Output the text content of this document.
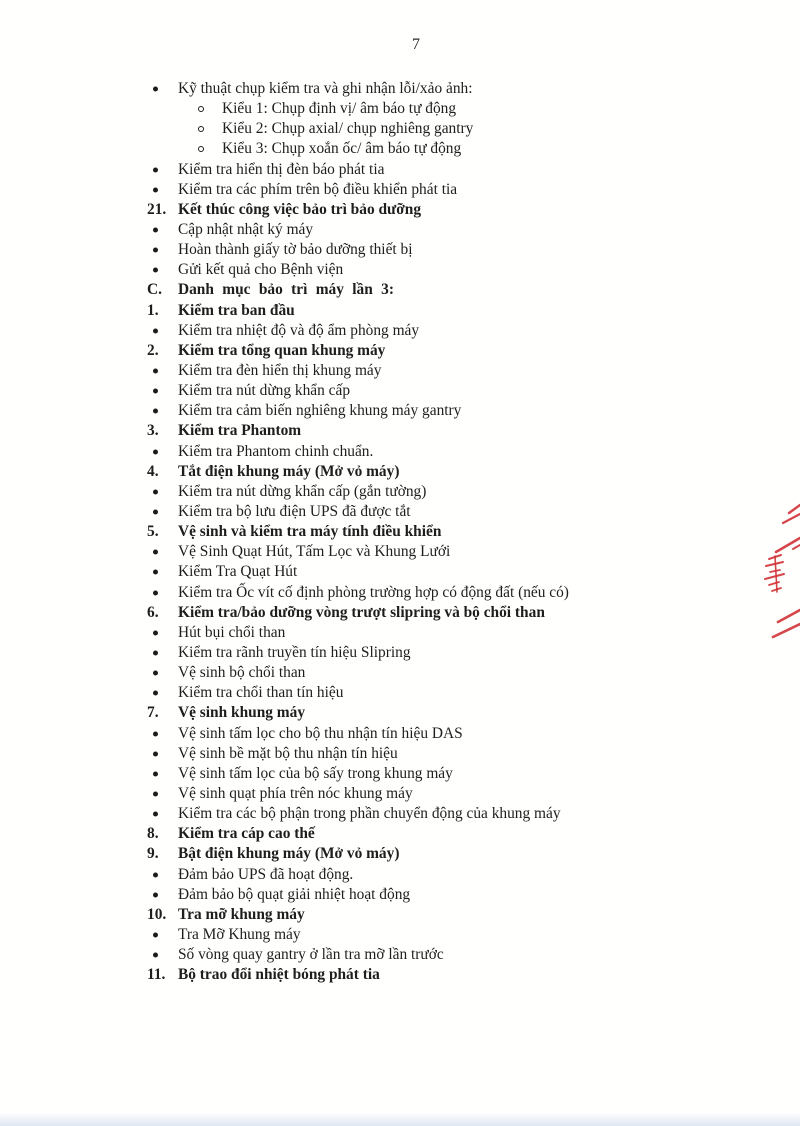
7
Kỹ thuật chụp kiểm tra và ghi nhận lỗi/xảo ảnh:
Kiểu 1: Chụp định vị/ âm báo tự động
Kiểu 2: Chụp axial/ chụp nghiêng gantry
Kiểu 3: Chụp xoắn ốc/ âm báo tự động
Kiểm tra hiển thị đèn báo phát tia
Kiểm tra các phím trên bộ điều khiển phát tia
21. Kết thúc công việc bảo trì bảo dưỡng
Cập nhật nhật ký máy
Hoàn thành giấy tờ bảo dưỡng thiết bị
Gửi kết quả cho Bệnh viện
C.	Danh mục bảo trì máy lần 3:
1.	Kiểm tra ban đầu
Kiểm tra nhiệt độ và độ ẩm phòng máy
2.	Kiểm tra tổng quan khung máy
Kiểm tra đèn hiển thị khung máy
Kiểm tra nút dừng khẩn cấp
Kiểm tra cảm biến nghiêng khung máy gantry
3.	Kiểm tra Phantom
Kiểm tra Phantom chinh chuẩn.
4.	Tắt điện khung máy (Mở vỏ máy)
Kiểm tra nút dừng khẩn cấp (gắn tường)
Kiểm tra bộ lưu điện UPS đã được tắt
5.	Vệ sinh và kiểm tra máy tính điều khiển
Vệ Sinh Quạt Hút, Tấm Lọc và Khung Lưới
Kiểm Tra Quạt Hút
Kiểm tra Ốc vít cố định phòng trường hợp có động đất (nếu có)
6.	Kiểm tra/bảo dưỡng vòng trượt slipring và bộ chổi than
Hút bụi chổi than
Kiểm tra rãnh truyền tín hiệu Slipring
Vệ sinh bộ chổi than
Kiểm tra chổi than tín hiệu
7.	Vệ sinh khung máy
Vệ sinh tấm lọc cho bộ thu nhận tín hiệu DAS
Vệ sinh bề mặt bộ thu nhận tín hiệu
Vệ sinh tấm lọc của bộ sấy trong khung máy
Vệ sinh quạt phía trên nóc khung máy
Kiểm tra các bộ phận trong phần chuyển động của khung máy
8.	Kiểm tra cáp cao thế
9.	Bật điện khung máy (Mở vỏ máy)
Đảm bảo UPS đã hoạt động.
Đảm bảo bộ quạt giải nhiệt hoạt động
10. Tra mỡ khung máy
Tra Mỡ Khung máy
Số vòng quay gantry ở lần tra mỡ lần trước
11. Bộ trao đổi nhiệt bóng phát tia
